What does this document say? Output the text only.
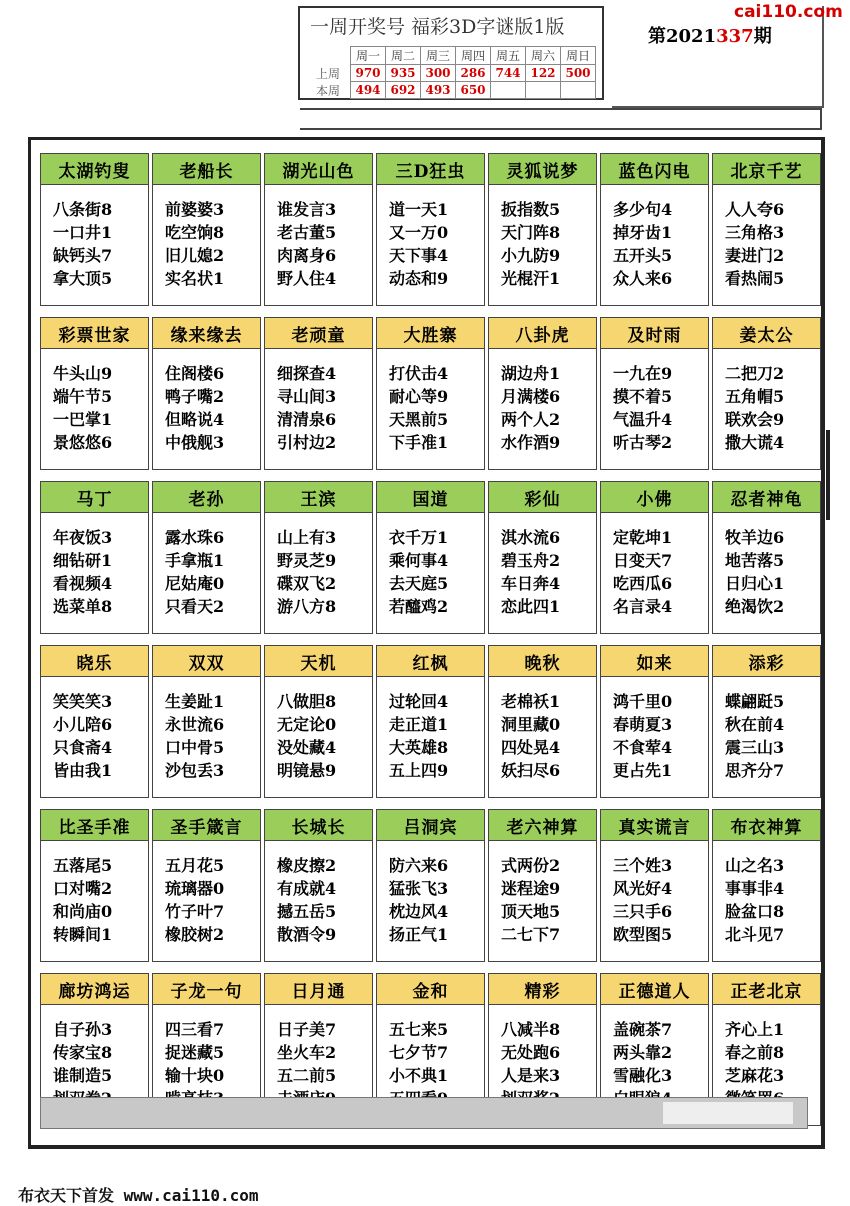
一周开奖号 福彩3D字谜版1版
	周一	周二	周三	周四	周五	周六	周日
上周	970	935	300	286	744	122	500
本周	494	692	493	650			
cai110.com
第2021337期
太湖钓叟
八条街8
一口井1
缺钙头7
拿大顶5
老船长
前婆婆3
吃空饷8
旧儿媳2
实名状1
湖光山色
谁发言3
老古董5
肉离身6
野人住4
三D狂虫
道一天1
又一万0
天下事4
动态和9
灵狐说梦
扳指数5
天门阵8
小九防9
光棍汗1
蓝色闪电
多少句4
掉牙齿1
五开头5
众人来6
北京千艺
人人夸6
三角格3
妻进门2
看热闹5
彩票世家
牛头山9
端午节5
一巴掌1
景悠悠6
缘来缘去
住阁楼6
鸭子嘴2
但略说4
中俄舰3
老顽童
细探查4
寻山间3
清清泉6
引村边2
大胜寨
打伏击4
耐心等9
天黑前5
下手准1
八卦虎
湖边舟1
月满楼6
两个人2
水作酒9
及时雨
一九在9
摸不着5
气温升4
听古琴2
姜太公
二把刀2
五角帽5
联欢会9
撒大谎4
马丁
年夜饭3
细钻研1
看视频4
选菜单8
老孙
露水珠6
手拿瓶1
尼姑庵0
只看天2
王滨
山上有3
野灵芝9
碟双飞2
游八方8
国道
衣千万1
乘何事4
去天庭5
若醯鸡2
彩仙
淇水流6
碧玉舟2
车日奔4
恋此四1
小佛
定乾坤1
日变天7
吃西瓜6
名言录4
忍者神龟
牧羊边6
地苦落5
日归心1
绝渴饮2
晓乐
笑笑笑3
小儿陪6
只食斋4
皆由我1
双双
生姜趾1
永世流6
口中骨5
沙包丢3
天机
八做胆8
无定论0
没处藏4
明镜悬9
红枫
过轮回4
走正道1
大英雄8
五上四9
晚秋
老棉袄1
洞里藏0
四处晃4
妖扫尽6
如来
鸿千里0
春萌夏3
不食荤4
更占先1
添彩
蝶翩跹5
秋在前4
震三山3
思齐分7
比圣手准
五落尾5
口对嘴2
和尚庙0
转瞬间1
圣手箴言
五月花5
琉璃器0
竹子叶7
橡胶树2
长城长
橡皮擦2
有成就4
撼五岳5
散酒令9
吕洞宾
防六来6
猛张飞3
枕边风4
扬正气1
老六神算
式两份2
迷程途9
顶天地5
二七下7
真实谎言
三个姓3
风光好4
三只手6
欧型图5
布衣神算
山之名3
事事非4
脸盆口8
北斗见7
廊坊鸿运
自子孙3
传家宝8
谁制造5
子龙一句
四三看7
捉迷藏5
输十块0
日月通
日子美7
坐火车2
五二前5
金和
五七来5
七夕节7
小不典1
精彩
八减半8
无处跑6
人是来3
正德道人
盖碗茶7
两头靠2
雪融化3
正老北京
齐心上1
春之前8
芝麻花3
布衣天下首发 www.cai110.com
